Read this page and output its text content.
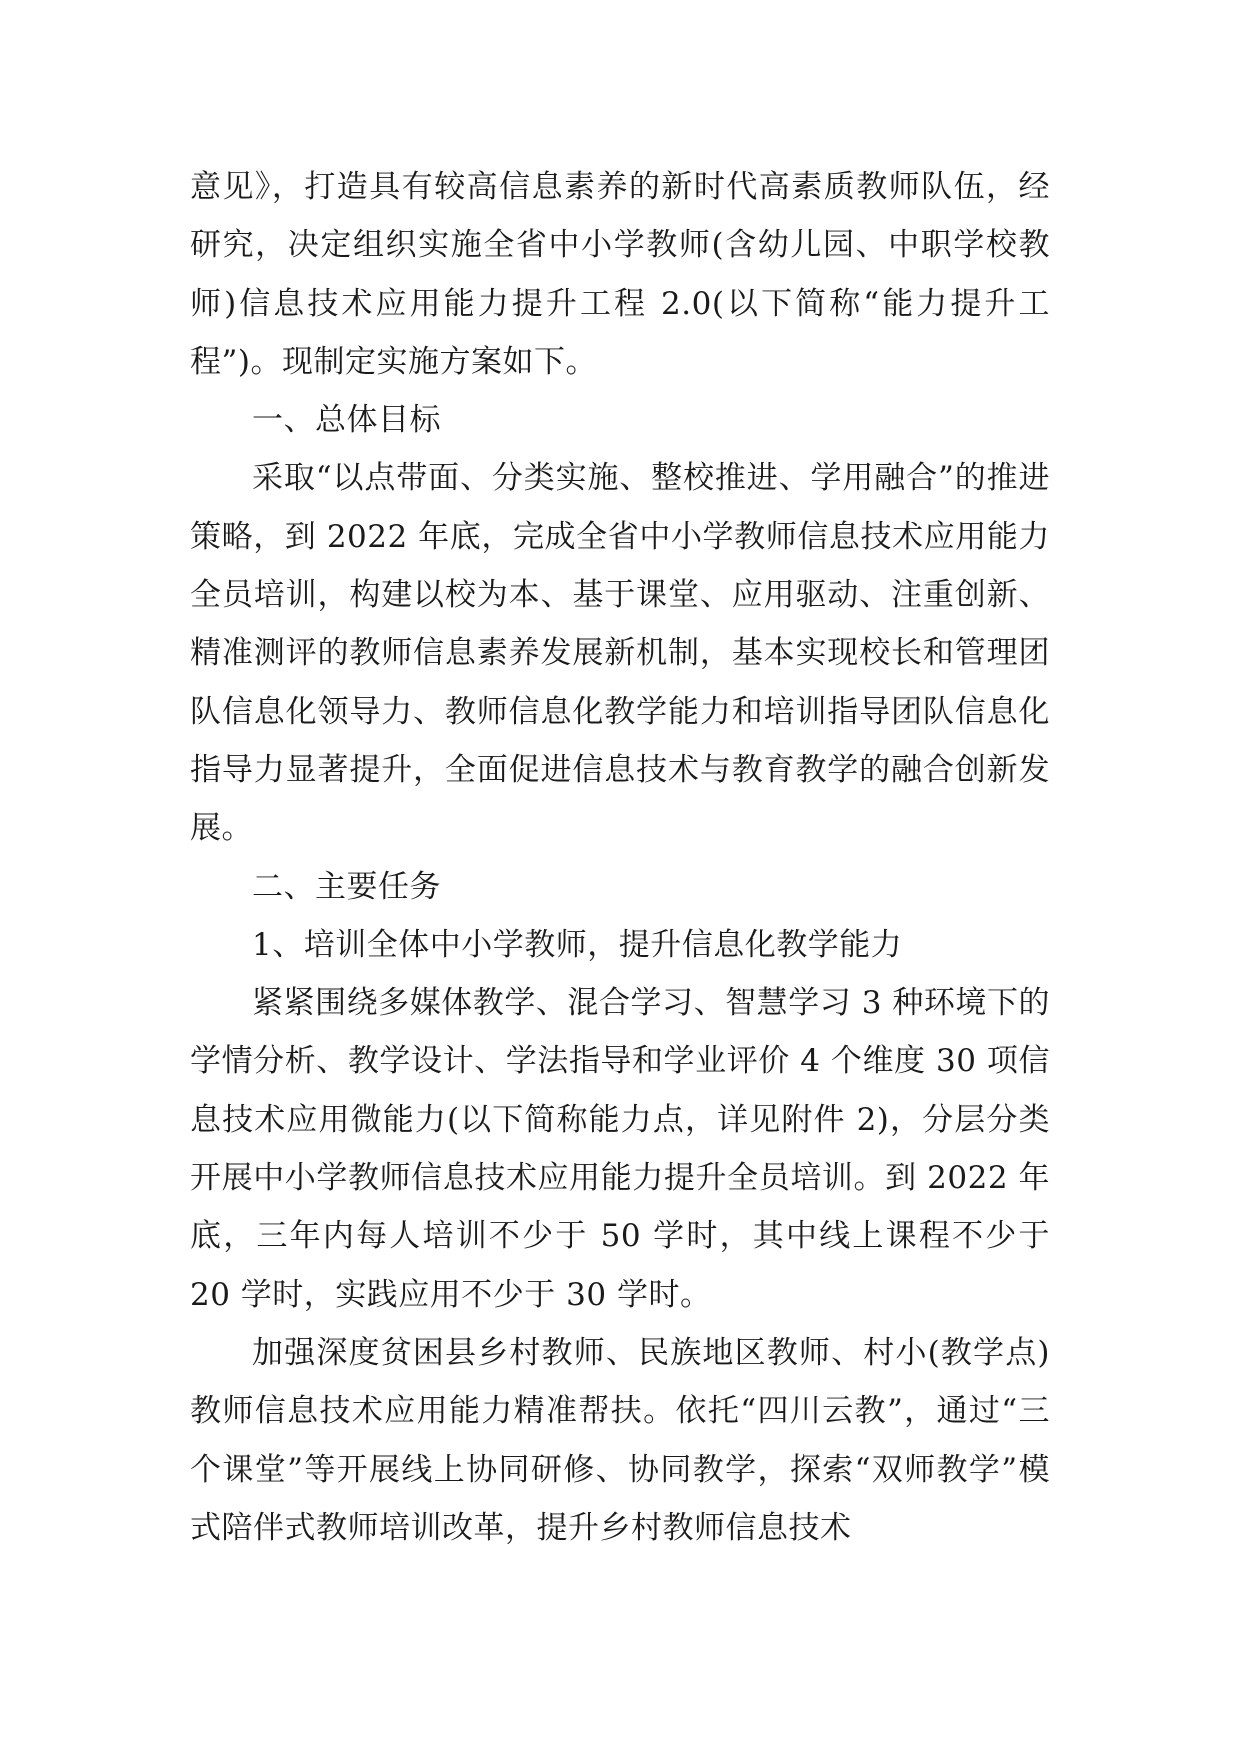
意见》，打造具有较高信息素养的新时代高素质教师队伍，经研究，决定组织实施全省中小学教师(含幼儿园、中职学校教师)信息技术应用能力提升工程 2.0(以下简称“能力提升工程”)。现制定实施方案如下。

一、总体目标

采取“以点带面、分类实施、整校推进、学用融合”的推进策略，到 2022 年底，完成全省中小学教师信息技术应用能力全员培训，构建以校为本、基于课堂、应用驱动、注重创新、精准测评的教师信息素养发展新机制，基本实现校长和管理团队信息化领导力、教师信息化教学能力和培训指导团队信息化指导力显著提升，全面促进信息技术与教育教学的融合创新发展。

二、主要任务

1、培训全体中小学教师，提升信息化教学能力

紧紧围绕多媒体教学、混合学习、智慧学习 3 种环境下的学情分析、教学设计、学法指导和学业评价 4 个维度 30 项信息技术应用微能力(以下简称能力点，详见附件 2)，分层分类开展中小学教师信息技术应用能力提升全员培训。到 2022 年底，三年内每人培训不少于 50 学时，其中线上课程不少于 20 学时，实践应用不少于 30 学时。

加强深度贫困县乡村教师、民族地区教师、村小(教学点)教师信息技术应用能力精准帮扶。依托“四川云教”，通过“三个课堂”等开展线上协同研修、协同教学，探索“双师教学”模式陪伴式教师培训改革，提升乡村教师信息技术
